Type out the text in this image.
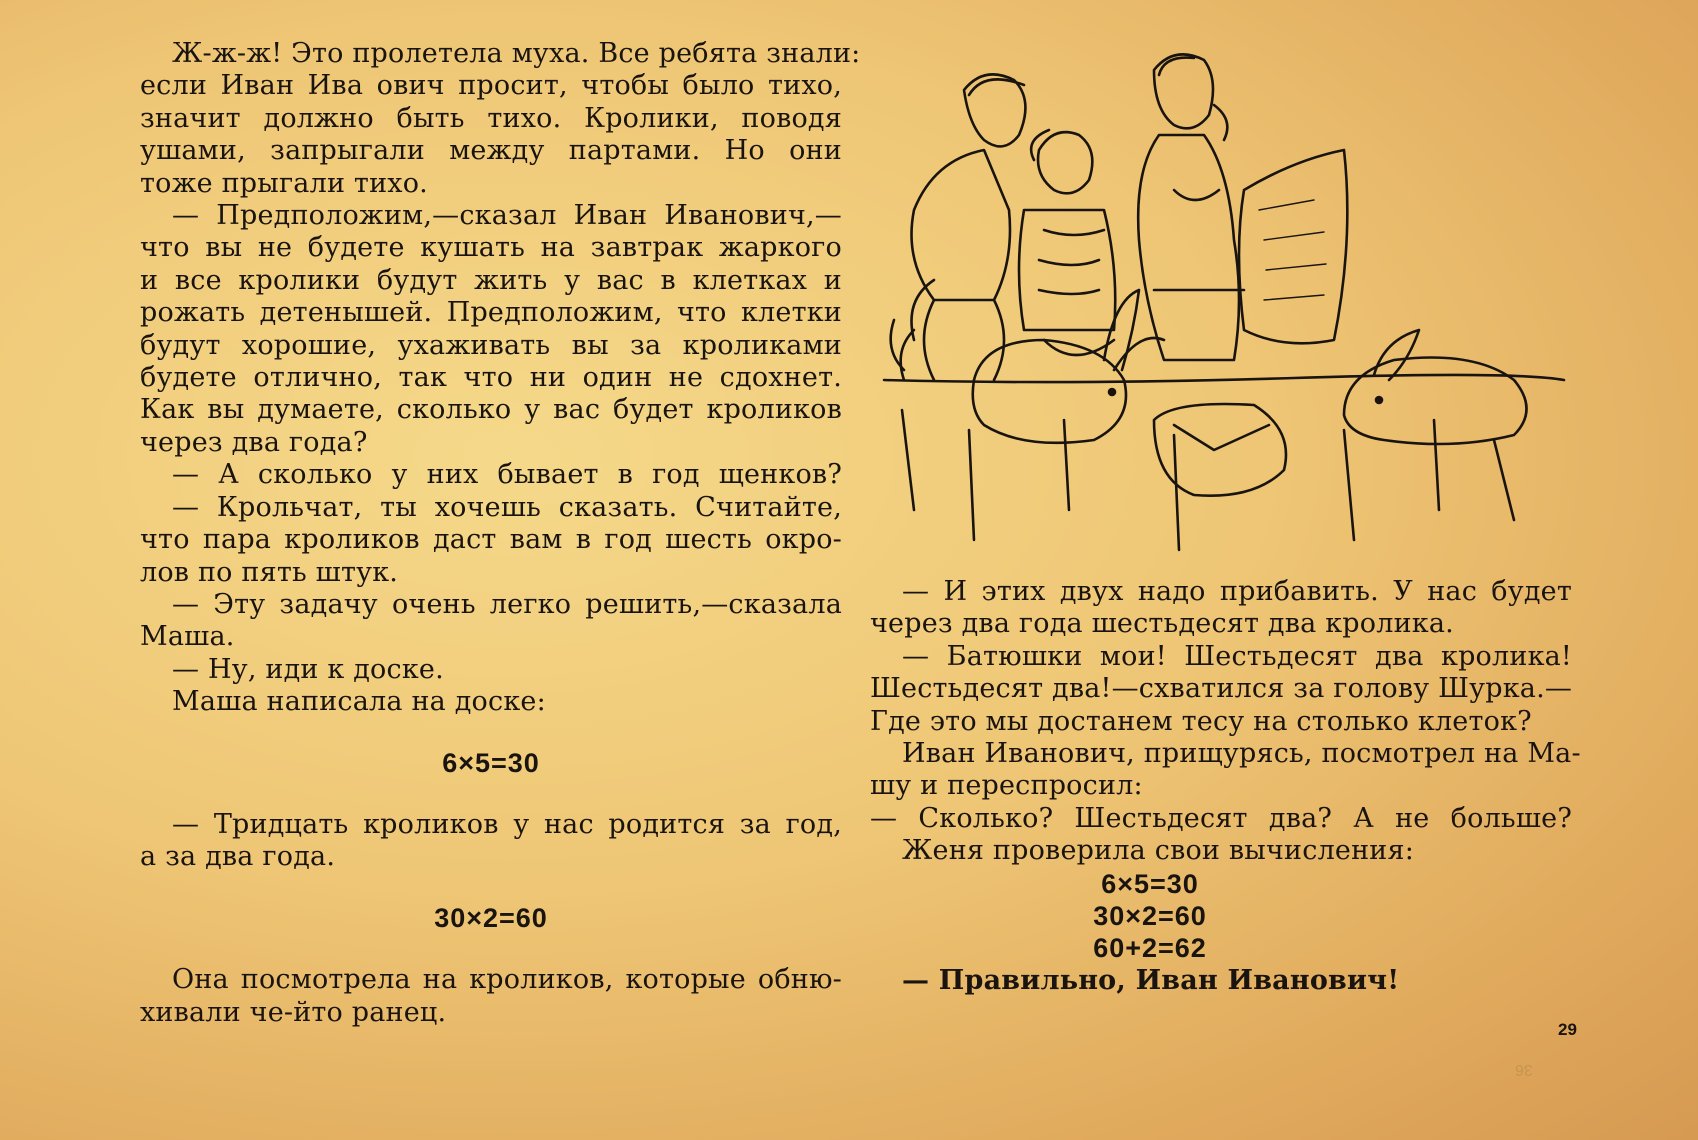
Ж-ж-ж! Это пролетела муха. Все ребята знали:
если Иван Ива ович просит, чтобы было тихо,
значит должно быть тихо. Кролики, поводя
ушами, запрыгали между партами. Но они
тоже прыгали тихо.
— Предположим,—сказал Иван Иванович,—
что вы не будете кушать на завтрак жаркого
и все кролики будут жить у вас в клетках и
рожать детенышей. Предположим, что клетки
будут хорошие, ухаживать вы за кроликами
будете отлично, так что ни один не сдохнет.
Как вы думаете, сколько у вас будет кроликов
через два года?
— А сколько у них бывает в год щенков?
— Крольчат, ты хочешь сказать. Считайте,
что пара кроликов даст вам в год шесть окро-
лов по пять штук.
— Эту задачу очень легко решить,—сказала
Маша.
— Ну, иди к доске.
Маша написала на доске:
6×5=30
— Тридцать кроликов у нас родится за год,
а за два года.
30×2=60
Она посмотрела на кроликов, которые обню-
хивали че-йто ранец.
— И этих двух надо прибавить. У нас будет
через два года шестьдесят два кролика.
— Батюшки мои! Шестьдесят два кролика!
Шестьдесят два!—схватился за голову Шурка.—
Где это мы достанем тесу на столько клеток?
Иван Иванович, прищурясь, посмотрел на Ма-
шу и переспросил:
— Сколько? Шестьдесят два? А не больше?
Женя проверила свои вычисления:
6×5=30
30×2=60
60+2=62
— Правильно, Иван Иванович!
29
36
